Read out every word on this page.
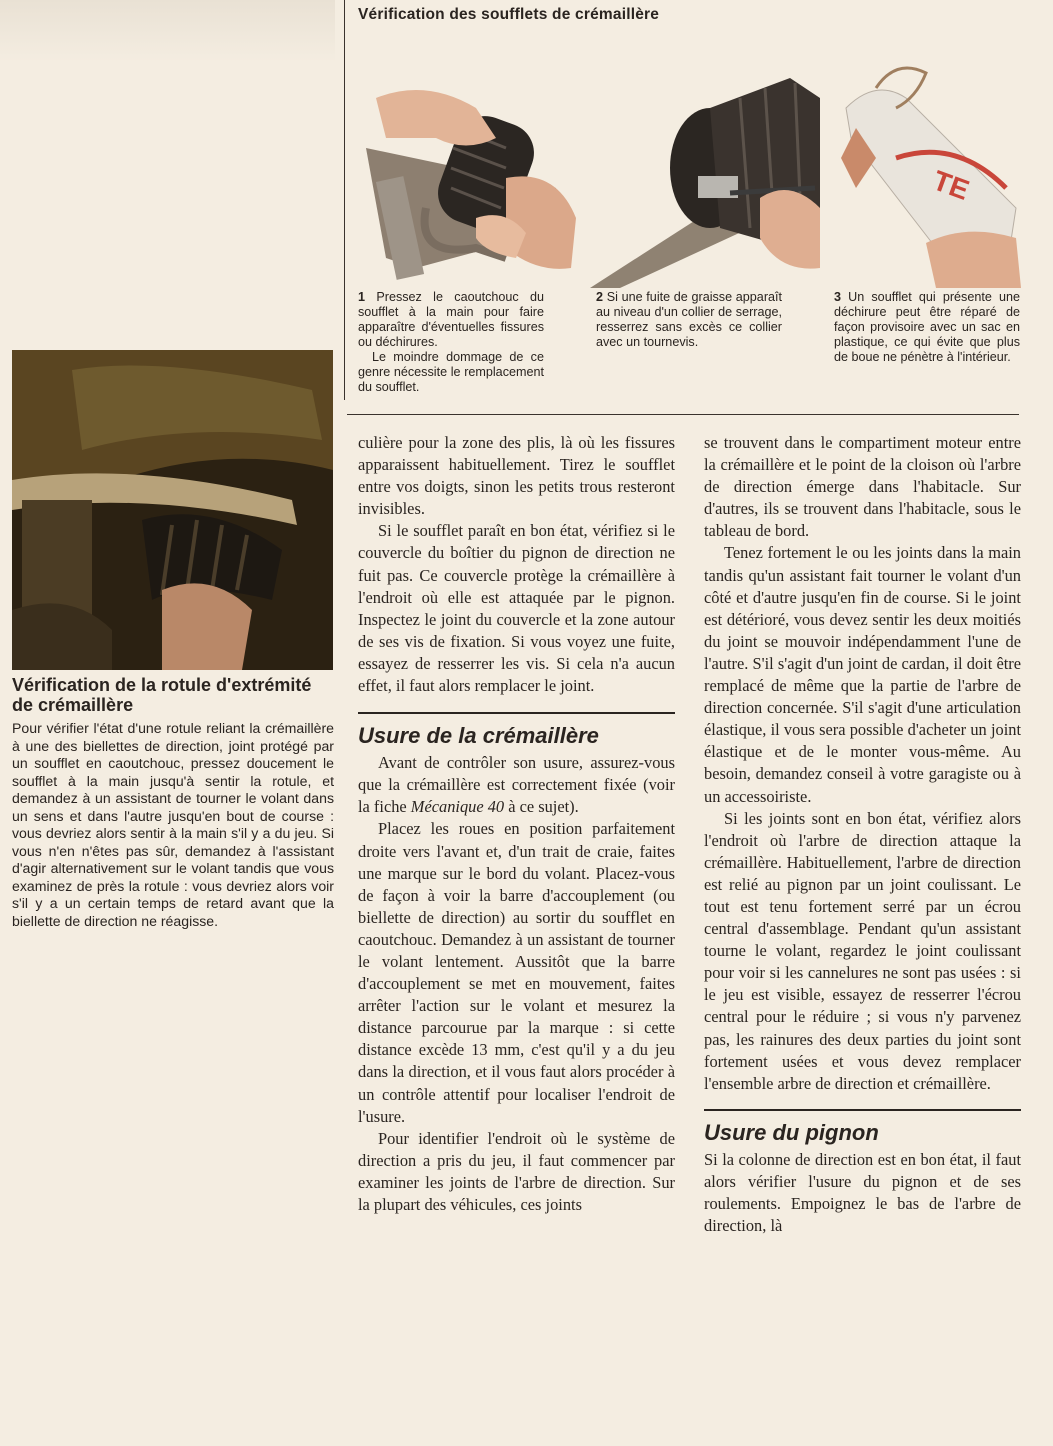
Vérification des soufflets de crémaillère
TE

1 Pressez le caoutchouc du soufflet à la main pour faire apparaître d'éventuelles fissures ou déchirures.

Le moindre dommage de ce genre nécessite le remplacement du soufflet.

2 Si une fuite de graisse apparaît au niveau d'un collier de serrage, resserrez sans excès ce collier avec un tournevis.

3 Un soufflet qui présente une déchirure peut être réparé de façon provisoire avec un sac en plastique, ce qui évite que plus de boue ne pénètre à l'intérieur.

Vérification de la rotule d'extrémité de crémaillère
Pour vérifier l'état d'une rotule reliant la crémaillère à une des biellettes de direction, joint protégé par un soufflet en caoutchouc, pressez doucement le soufflet à la main jusqu'à sentir la rotule, et demandez à un assistant de tourner le volant dans un sens et dans l'autre jusqu'en bout de course : vous devriez alors sentir à la main s'il y a du jeu. Si vous n'en n'êtes pas sûr, demandez à l'assistant d'agir alternativement sur le volant tandis que vous examinez de près la rotule : vous devriez alors voir s'il y a un certain temps de retard avant que la biellette de direction ne réagisse.

culière pour la zone des plis, là où les fissures apparaissent habituellement. Tirez le soufflet entre vos doigts, sinon les petits trous resteront invisibles.

Si le soufflet paraît en bon état, vérifiez si le couvercle du boîtier du pignon de direction ne fuit pas. Ce couvercle protège la crémaillère à l'endroit où elle est attaquée par le pignon. Inspectez le joint du couvercle et la zone autour de ses vis de fixation. Si vous voyez une fuite, essayez de resserrer les vis. Si cela n'a aucun effet, il faut alors remplacer le joint.

Usure de la crémaillère

Avant de contrôler son usure, assurez-vous que la crémaillère est correctement fixée (voir la fiche Mécanique 40 à ce sujet).

Placez les roues en position parfaitement droite vers l'avant et, d'un trait de craie, faites une marque sur le bord du volant. Placez-vous de façon à voir la barre d'accouplement (ou biellette de direction) au sortir du soufflet en caoutchouc. Demandez à un assistant de tourner le volant lentement. Aussitôt que la barre d'accouplement se met en mouvement, faites arrêter l'action sur le volant et mesurez la distance parcourue par la marque : si cette distance excède 13 mm, c'est qu'il y a du jeu dans la direction, et il vous faut alors procéder à un contrôle attentif pour localiser l'endroit de l'usure.

Pour identifier l'endroit où le système de direction a pris du jeu, il faut commencer par examiner les joints de l'arbre de direction. Sur la plupart des véhicules, ces joints

se trouvent dans le compartiment moteur entre la crémaillère et le point de la cloison où l'arbre de direction émerge dans l'habitacle. Sur d'autres, ils se trouvent dans l'habitacle, sous le tableau de bord.

Tenez fortement le ou les joints dans la main tandis qu'un assistant fait tourner le volant d'un côté et d'autre jusqu'en fin de course. Si le joint est détérioré, vous devez sentir les deux moitiés du joint se mouvoir indépendamment l'une de l'autre. S'il s'agit d'un joint de cardan, il doit être remplacé de même que la partie de l'arbre de direction concernée. S'il s'agit d'une articulation élastique, il vous sera possible d'acheter un joint élastique et de le monter vous-même. Au besoin, demandez conseil à votre garagiste ou à un accessoiriste.

Si les joints sont en bon état, vérifiez alors l'endroit où l'arbre de direction attaque la crémaillère. Habituellement, l'arbre de direction est relié au pignon par un joint coulissant. Le tout est tenu fortement serré par un écrou central d'assemblage. Pendant qu'un assistant tourne le volant, regardez le joint coulissant pour voir si les cannelures ne sont pas usées : si le jeu est visible, essayez de resserrer l'écrou central pour le réduire ; si vous n'y parvenez pas, les rainures des deux parties du joint sont fortement usées et vous devez remplacer l'ensemble arbre de direction et crémaillère.

Usure du pignon

Si la colonne de direction est en bon état, il faut alors vérifier l'usure du pignon et de ses roulements. Empoignez le bas de l'arbre de direction, là
